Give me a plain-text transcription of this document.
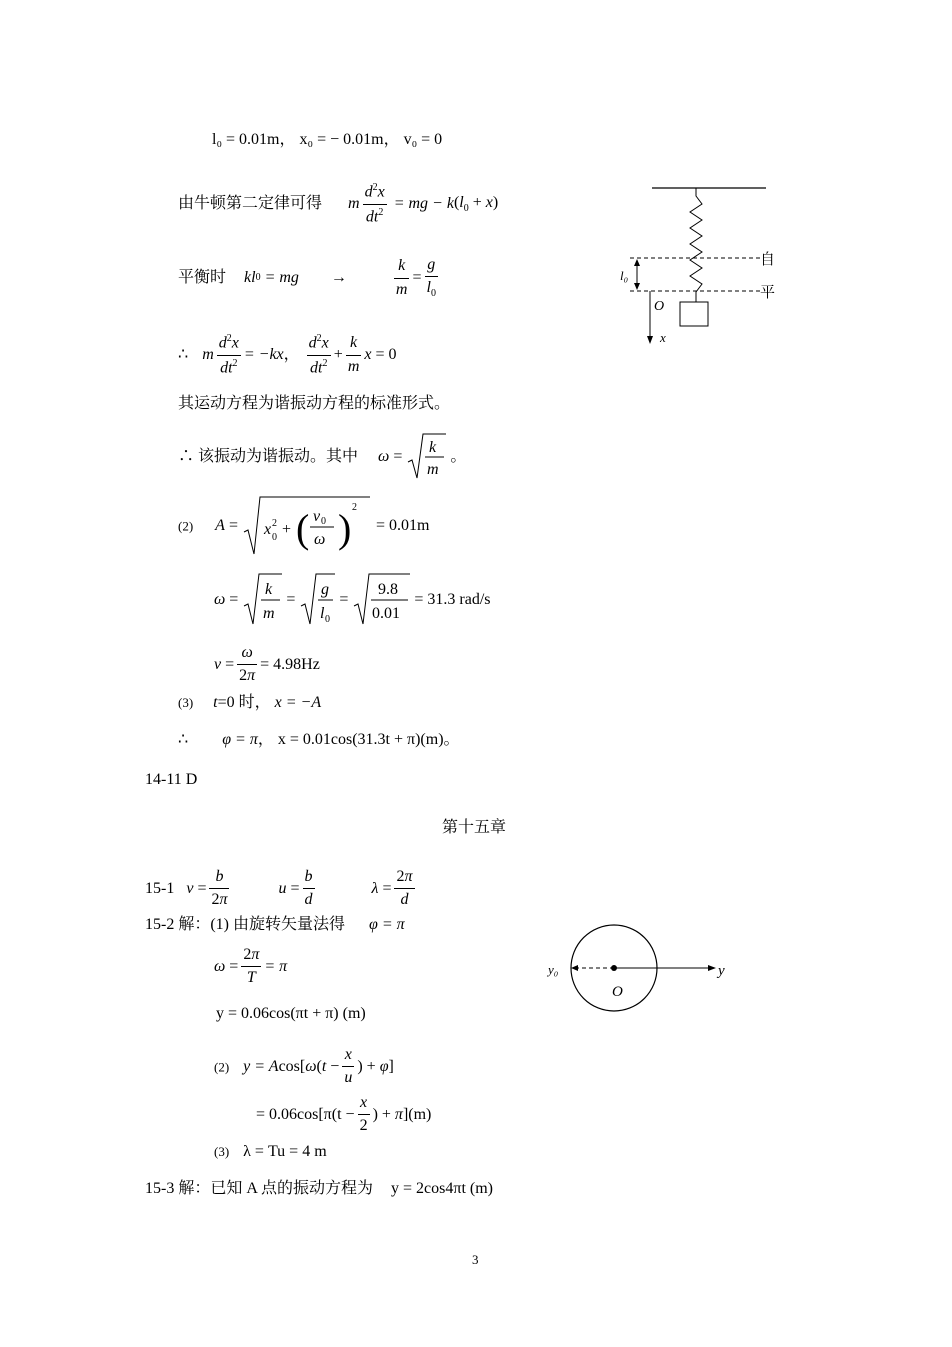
l₀ = 0.01m， x₀ = − 0.01m， v₀ = 0
由牛顿第二定律可得 m $\frac{d^2x}{dt^2}$ = mg − $k(l_0 + x)$
平衡时 kl0 = mg →	$\frac{k}{m} = \frac{g}{l_0}$
∴ m $\frac{d^2x}{dt^2} = -kx$， $\frac{d^2x}{dt^2} + \frac{k}{m}$ x = 0
其运动方程为谐振动方程的标准形式。
∴ 该振动为谐振动。其中 ω =
k
m
。
(2) A = x 0
2 + ( v 0
ω ) 2
= 0.01m
ω =
k
m
=
g
l 0
=
9.8
0.01
= 31.3 rad/s
$\nu = \frac{\omega}{2\pi} = 4.98Hz$
(3) t=0 时， x = −A
∴ φ = π， x = 0.01cos(31.3t + π)(m)。
14-11 D
第十五章
15-1 $\nu = \frac{b}{2\pi}$	$u = \frac{b}{d}$	$\lambda = \frac{2\pi}{d}$
15-2 解：(1) 由旋转矢量法得 φ = π
$\omega = \frac{2\pi}{T} = \pi$
y = 0.06cos(πt + π) (m)
(2) $y = Acos[\omega(t - \frac{x}{u}$ ) + φ]
= $0.06\cos[\pi(t - \frac{x}{2}$ ) + π](m)
(3) λ = Tu = 4 m
15-3 解：已知 A 点的振动方程为 y = 2cos4πt (m)
自
平
l₀
O
x
y₀	y
O
3
